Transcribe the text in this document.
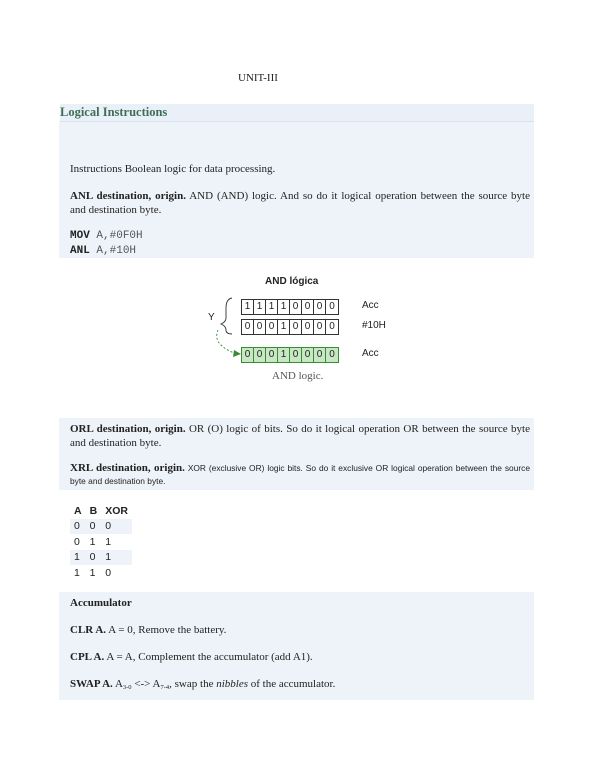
UNIT-III
Logical Instructions
Instructions Boolean logic for data processing.
ANL destination, origin. AND (AND) logic. And so do it logical operation between the source byte and destination byte.
MOV A,#0F0H
ANL A,#10H
AND lógica
Y
1 1 1 1 0 0 0 0	Acc
0 0 0 1 0 0 0 0	#10H
0 0 0 1 0 0 0 0	Acc
AND logic.
ORL destination, origin. OR (O) logic of bits. So do it logical operation OR between the source byte and destination byte.
XRL destination, origin. XOR (exclusive OR) logic bits. So do it exclusive OR logical operation between the source byte and destination byte.
A	B	XOR
0	0	0
0	1	1
1	0	1
1	1	0
Accumulator
CLR A. A = 0, Remove the battery.
CPL A. A = A, Complement the accumulator (add A1).
SWAP A. $A_{3-0}$ <-> $A_{7-4}$, swap the nibbles of the accumulator.
